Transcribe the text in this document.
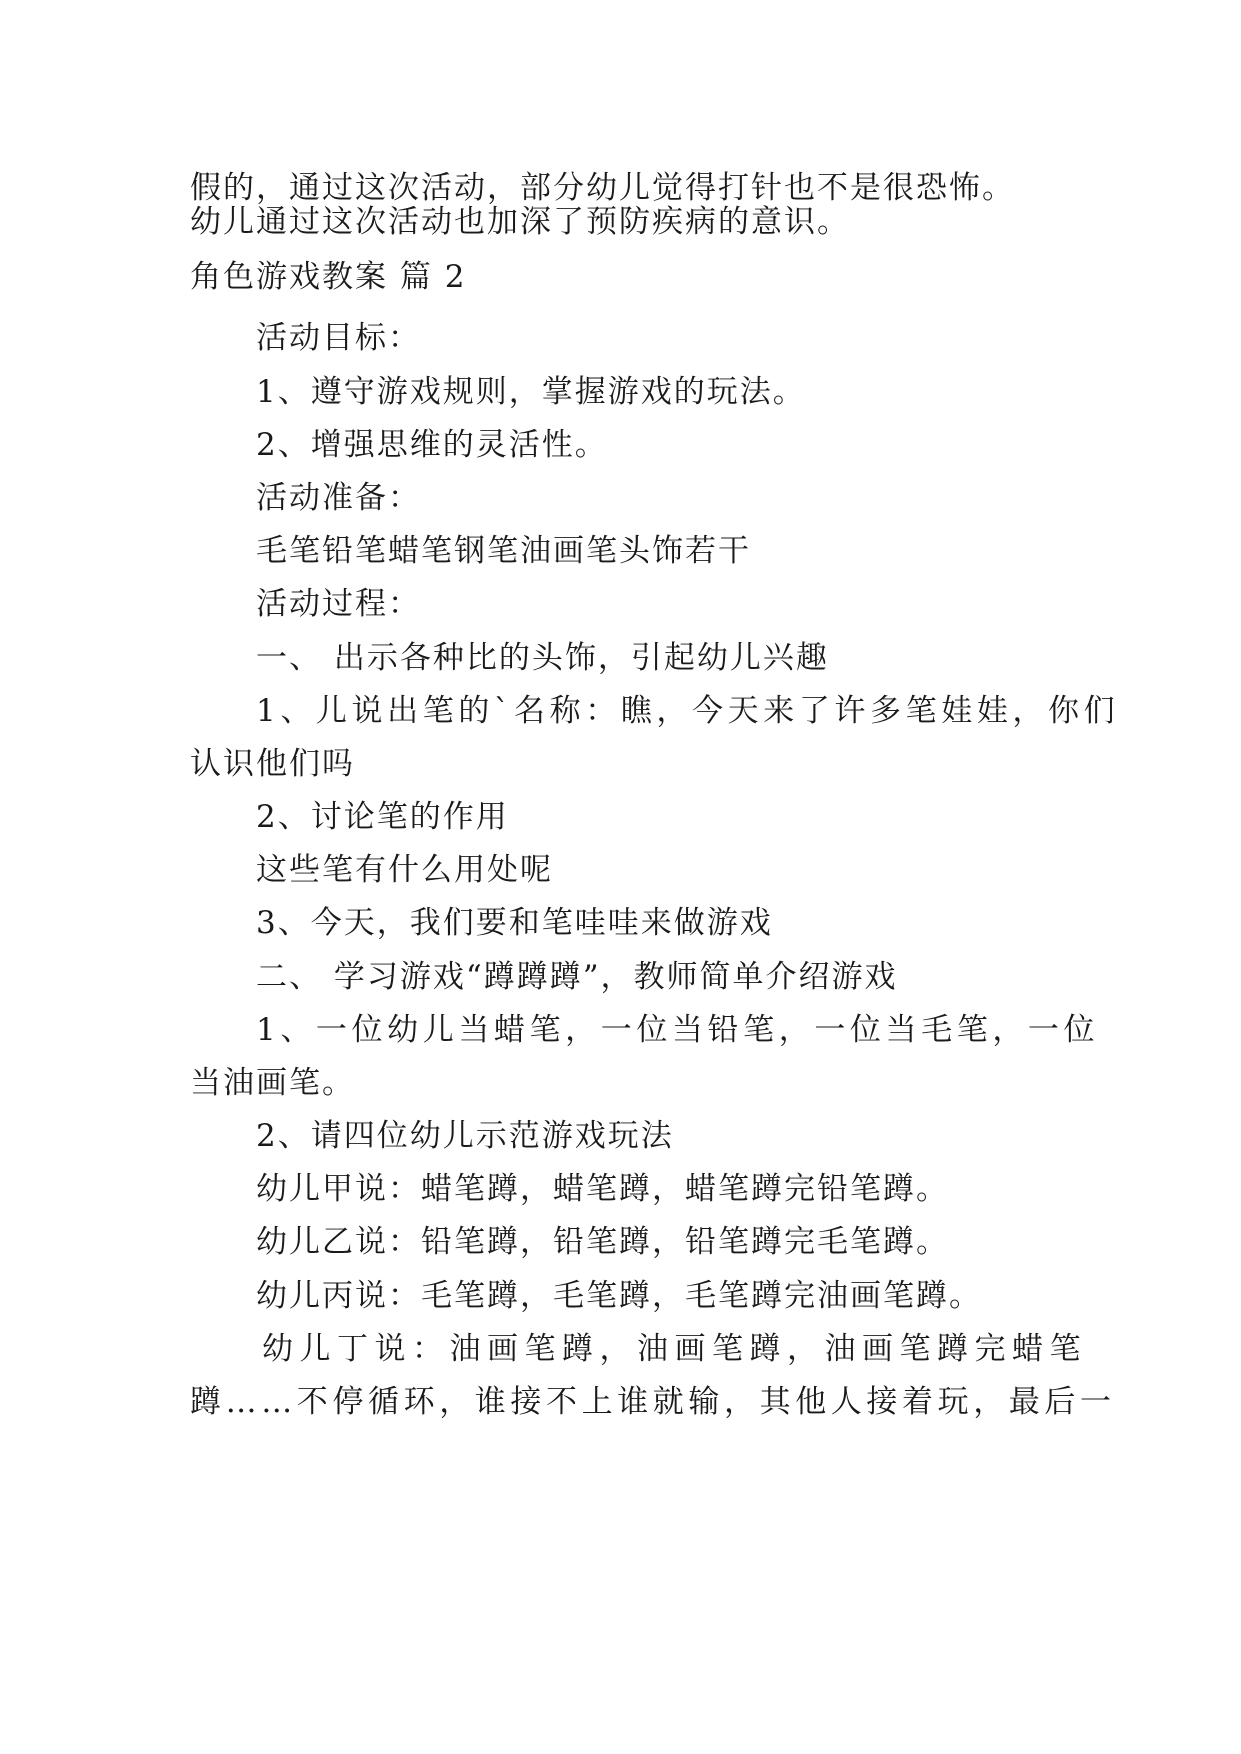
假的，通过这次活动，部分幼儿觉得打针也不是很恐怖。
幼儿通过这次活动也加深了预防疾病的意识。
角色游戏教案 篇 2
活动目标：
1、遵守游戏规则，掌握游戏的玩法。
2、增强思维的灵活性。
活动准备：
毛笔铅笔蜡笔钢笔油画笔头饰若干
活动过程：
一、 出示各种比的头饰，引起幼儿兴趣
1、儿说出笔的`名称：瞧，今天来了许多笔娃娃，你们
认识他们吗
2、讨论笔的作用
这些笔有什么用处呢
3、今天，我们要和笔哇哇来做游戏
二、 学习游戏“蹲蹲蹲”，教师简单介绍游戏
1、一位幼儿当蜡笔，一位当铅笔，一位当毛笔，一位
当油画笔。
2、请四位幼儿示范游戏玩法
幼儿甲说：蜡笔蹲，蜡笔蹲，蜡笔蹲完铅笔蹲。
幼儿乙说：铅笔蹲，铅笔蹲，铅笔蹲完毛笔蹲。
幼儿丙说：毛笔蹲，毛笔蹲，毛笔蹲完油画笔蹲。
幼儿丁说：油画笔蹲，油画笔蹲，油画笔蹲完蜡笔
蹲……不停循环，谁接不上谁就输，其他人接着玩，最后一
